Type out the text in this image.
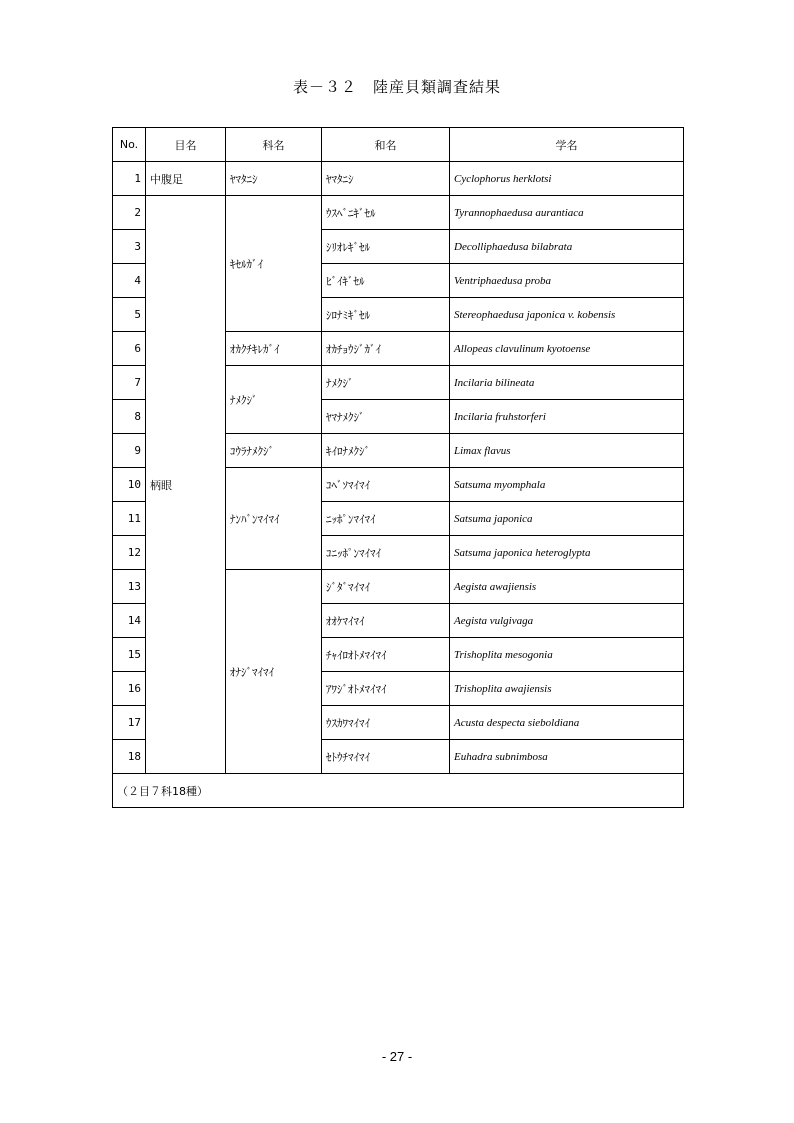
表－３２　陸産貝類調査結果
No.	目名	科名	和名	学名
1	中腹足	ﾔﾏﾀﾆｼ	ﾔﾏﾀﾆｼ	Cyclophorus herklotsi
2	柄眼	ｷｾﾙｶﾞｲ	ｳｽﾍﾞﾆｷﾞｾﾙ	Tyrannophaedusa aurantiaca
3			ｼﾘｵﾚｷﾞｾﾙ	Decolliphaedusa bilabrata
4			ﾋﾞｲｷﾞｾﾙ	Ventriphaedusa proba
5			ｼﾛﾅﾐｷﾞｾﾙ	Stereophaedusa japonica v. kobensis
6		ｵｶｸﾁｷﾚｶﾞｲ	ｵｶﾁｮｳｼﾞｶﾞｲ	Allopeas clavulinum kyotoense
7		ﾅﾒｸｼﾞ	ﾅﾒｸｼﾞ	Incilaria bilineata
8			ﾔﾏﾅﾒｸｼﾞ	Incilaria fruhstorferi
9		ｺｳﾗﾅﾒｸｼﾞ	ｷｲﾛﾅﾒｸｼﾞ	Limax flavus
10		ﾅﾝﾊﾞﾝﾏｲﾏｲ	ｺﾍﾞｿﾏｲﾏｲ	Satsuma myomphala
11			ﾆｯﾎﾟﾝﾏｲﾏｲ	Satsuma japonica
12			ｺﾆｯﾎﾟﾝﾏｲﾏｲ	Satsuma japonica heteroglypta
13		ｵﾅｼﾞﾏｲﾏｲ	ｼﾞﾀﾞﾏｲﾏｲ	Aegista awajiensis
14			ｵｵｹﾏｲﾏｲ	Aegista vulgivaga
15			ﾁｬｲﾛｵﾄﾒﾏｲﾏｲ	Trishoplita mesogonia
16			ｱﾜｼﾞｵﾄﾒﾏｲﾏｲ	Trishoplita awajiensis
17			ｳｽｶﾜﾏｲﾏｲ	Acusta despecta sieboldiana
18			ｾﾄｳﾁﾏｲﾏｲ	Euhadra subnimbosa
（２目７科18種）				
- 27 -
